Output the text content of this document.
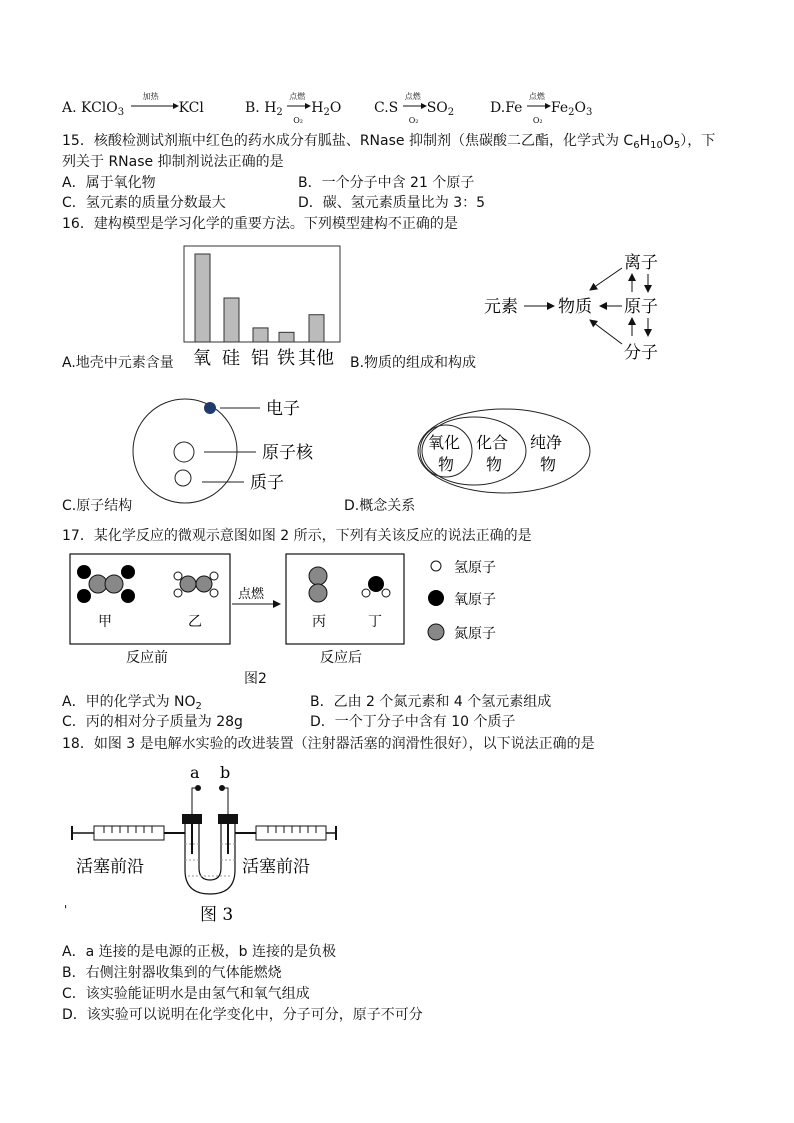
A. KClO$_3$
加热
KCl	B. $H_2$
点燃
O₂
$H_2O$ C.S
点燃
O₂
$SO_2$	D.Fe
点燃
O₂
$Fe_2O_3$
15．核酸检测试剂瓶中红色的药水成分有胍盐、RNase 抑制剂（焦碳酸二乙酯，化学式为 $C_6H_{10}O_5$），下
列关于 RNase 抑制剂说法正确的是
A．属于氧化物	B．一个分子中含 21 个原子
C．氢元素的质量分数最大	D．碳、氢元素质量比为 3：5
16．建构模型是学习化学的重要方法。下列模型建构不正确的是
氧 硅 铝 铁 其他
A.地壳中元素含量	B.物质的组成和构成
元素 物质
离子
原子
分子
电子
原子核
质子
C.原子结构
氧化
物
化合
物
纯净
物
D.概念关系
17．某化学反应的微观示意图如图 2 所示，下列有关该反应的说法正确的是
甲	乙
点燃
丙	丁
反应前	反应后
氢原子
氧原子
氮原子
图2
A．甲的化学式为 $NO_2$	B．乙由 2 个氮元素和 4 个氢元素组成
C．丙的相对分子质量为 28g	D．一个丁分子中含有 10 个质子
18．如图 3 是电解水实验的改进装置（注射器活塞的润滑性很好），以下说法正确的是
a b
活塞前沿	活塞前沿
'	图 3
A．a 连接的是电源的正极，b 连接的是负极
B．右侧注射器收集到的气体能燃烧
C．该实验能证明水是由氢气和氧气组成
D．该实验可以说明在化学变化中，分子可分，原子不可分
